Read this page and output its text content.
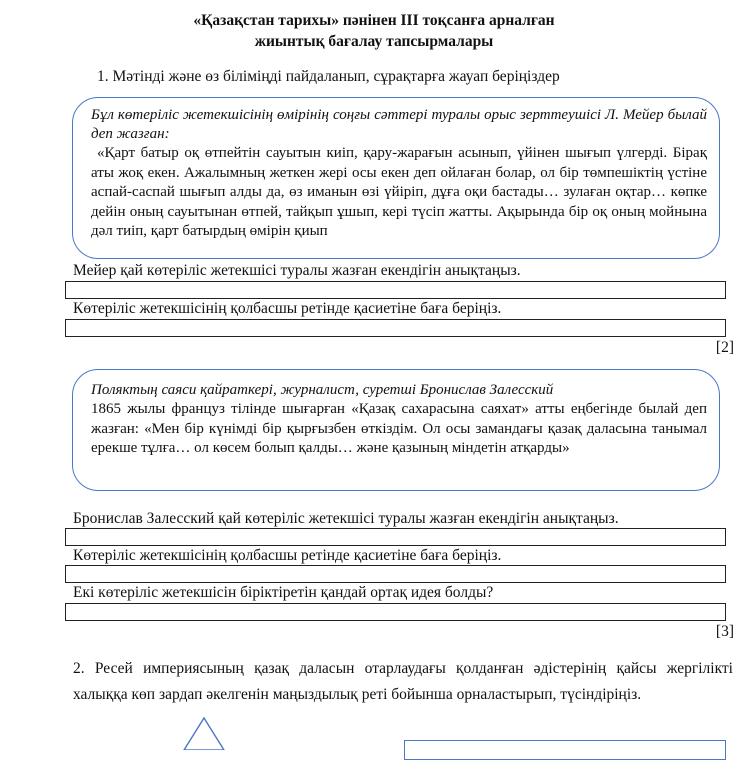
«Қазақстан тарихы» пәнінен ІІІ тоқсанға арналған
жиынтық бағалау тапсырмалары
1. Мәтінді және өз біліміңді пайдаланып, сұрақтарға жауап беріңіздер
Бұл көтеріліс жетекшісінің өмірінің соңғы сәттері туралы орыс зерттеушісі Л. Мейер былай деп жазған:
«Қарт батыр оқ өтпейтін сауытын киіп, қару-жарағын асынып, үйінен шығып үлгерді. Бірақ аты жоқ екен. Ажалымның жеткен жері осы екен деп ойлаған болар, ол бір төмпешіктің үстіне аспай-саспай шығып алды да, өз иманын өзі үйіріп, дұға оқи бастады… зулаған оқтар… көпке дейін оның сауытынан өтпей, тайқып ұшып, кері түсіп жатты. Ақырында бір оқ оның мойнына дәл тиіп, қарт батырдың өмірін қиып
Мейер қай көтеріліс жетекшісі туралы жазған екендігін анықтаңыз.
Көтеріліс жетекшісінің қолбасшы ретінде қасиетіне баға беріңіз.
[2]
Поляктың саяси қайраткері, журналист, суретші Бронислав Залесский
1865 жылы француз тілінде шығарған «Қазақ сахарасына саяхат» атты еңбегінде былай деп жазған: «Мен бір күнімді бір қырғызбен өткіздім. Ол осы замандағы қазақ даласына танымал ерекше тұлға… ол көсем болып қалды… және қазының міндетін атқарды»
Бронислав Залесский қай көтеріліс жетекшісі туралы жазған екендігін анықтаңыз.
Көтеріліс жетекшісінің қолбасшы ретінде қасиетіне баға беріңіз.
Екі көтеріліс жетекшісін біріктіретін қандай ортақ идея болды?
[3]
2. Ресей империясының қазақ даласын отарлаудағы қолданған әдістерінің қайсы жергілікті халыққа көп зардап әкелгенін маңыздылық реті бойынша орналастырып, түсіндіріңіз.
